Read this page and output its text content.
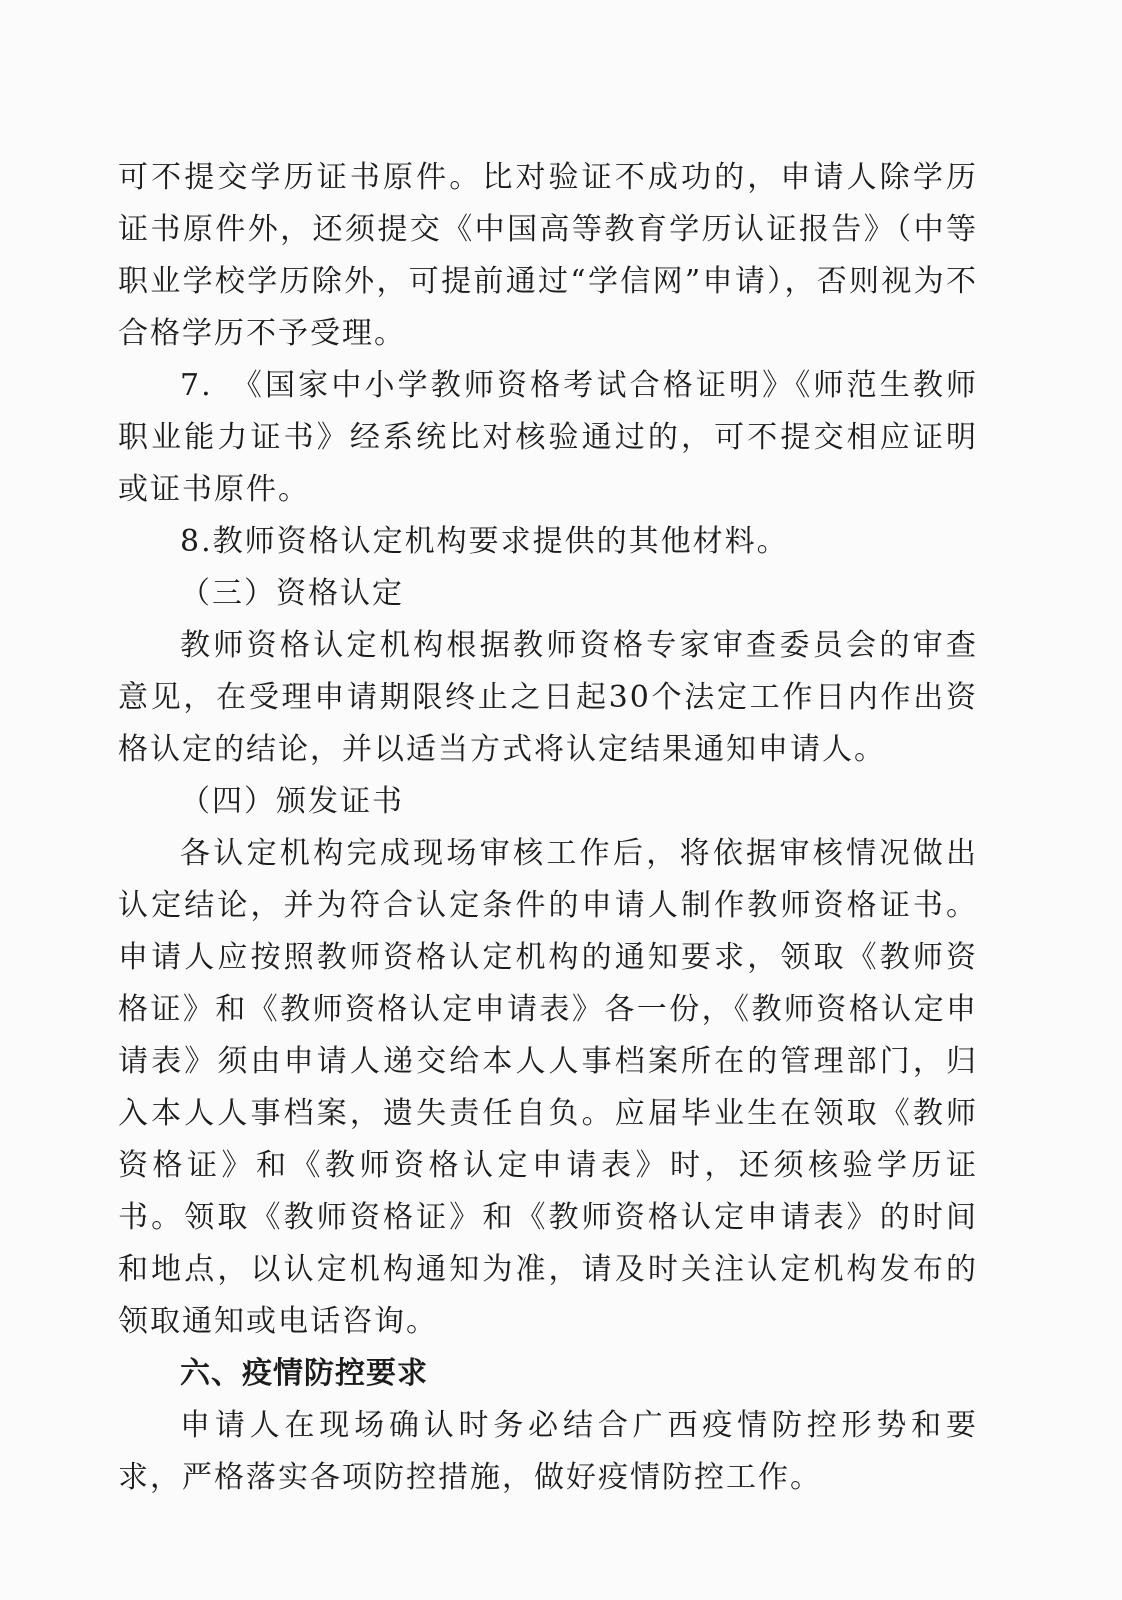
可不提交学历证书原件。比对验证不成功的，申请人除学历证书原件外，还须提交《中国高等教育学历认证报告》（中等职业学校学历除外，可提前通过“学信网”申请），否则视为不合格学历不予受理。

7.　《国家中小学教师资格考试合格证明》《师范生教师职业能力证书》经系统比对核验通过的，可不提交相应证明或证书原件。

8.教师资格认定机构要求提供的其他材料。

（三）资格认定

教师资格认定机构根据教师资格专家审查委员会的审查意见，在受理申请期限终止之日起30个法定工作日内作出资格认定的结论，并以适当方式将认定结果通知申请人。

（四）颁发证书

各认定机构完成现场审核工作后，将依据审核情况做出认定结论，并为符合认定条件的申请人制作教师资格证书。申请人应按照教师资格认定机构的通知要求，领取《教师资格证》和《教师资格认定申请表》各一份，《教师资格认定申请表》须由申请人递交给本人人事档案所在的管理部门，归入本人人事档案，遗失责任自负。应届毕业生在领取《教师资格证》和《教师资格认定申请表》时，还须核验学历证书。领取《教师资格证》和《教师资格认定申请表》的时间和地点，以认定机构通知为准，请及时关注认定机构发布的领取通知或电话咨询。

六、疫情防控要求

申请人在现场确认时务必结合广西疫情防控形势和要求，严格落实各项防控措施，做好疫情防控工作。
